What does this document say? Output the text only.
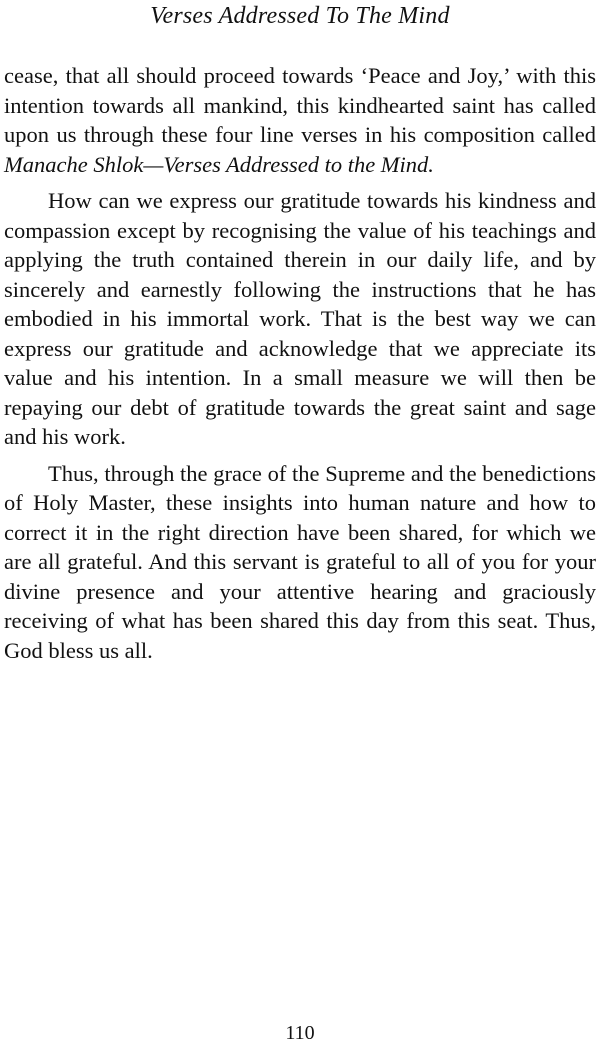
Verses Addressed To The Mind

cease, that all should proceed towards ‘Peace and Joy,’ with this intention towards all mankind, this kindhearted saint has called upon us through these four line verses in his composition called Manache Shlok—Verses Addressed to the Mind.

How can we express our gratitude towards his kindness and compassion except by recognising the value of his teachings and applying the truth contained therein in our daily life, and by sincerely and earnestly following the instructions that he has embodied in his immortal work. That is the best way we can express our gratitude and acknowledge that we appreciate its value and his intention. In a small measure we will then be repaying our debt of gratitude towards the great saint and sage and his work.

Thus, through the grace of the Supreme and the benedictions of Holy Master, these insights into human nature and how to correct it in the right direction have been shared, for which we are all grateful. And this servant is grateful to all of you for your divine presence and your attentive hearing and graciously receiving of what has been shared this day from this seat. Thus, God bless us all.

110
